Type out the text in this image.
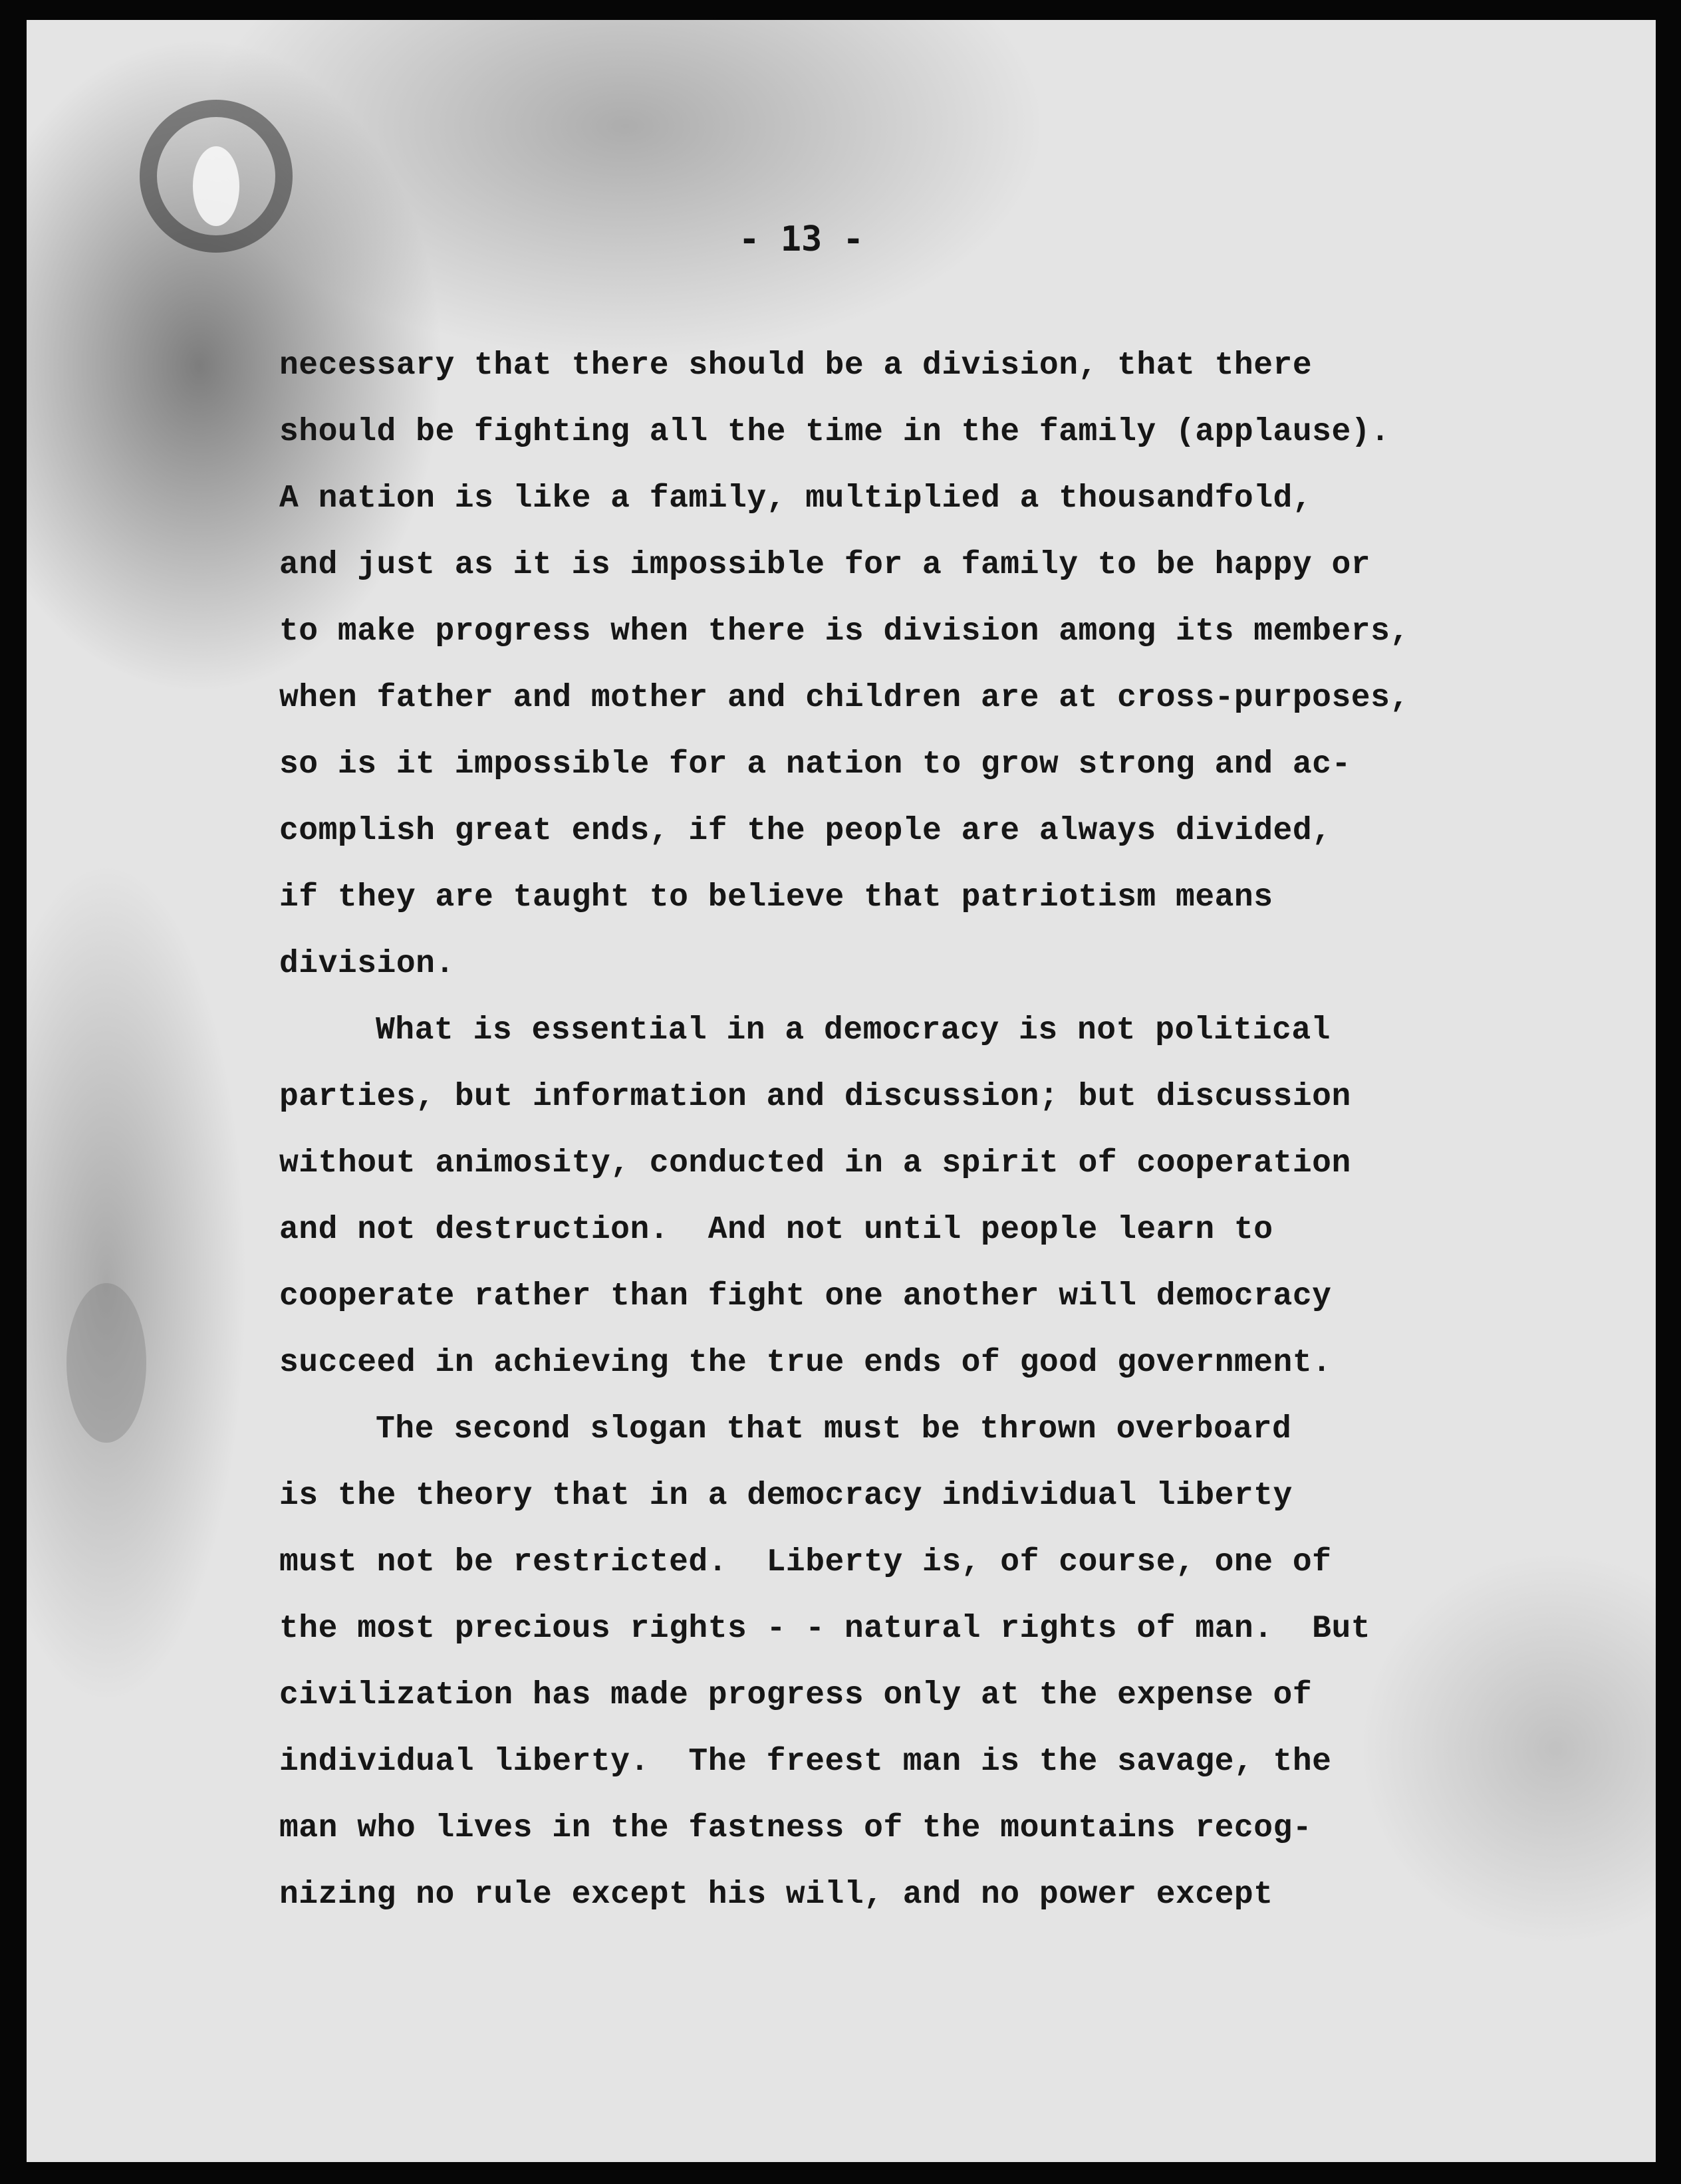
- 13 -
necessary that there should be a division, that there
should be fighting all the time in the family (applause).
A nation is like a family, multiplied a thousandfold,
and just as it is impossible for a family to be happy or
to make progress when there is division among its members,
when father and mother and children are at cross-purposes,
so is it impossible for a nation to grow strong and ac-
complish great ends, if the people are always divided,
if they are taught to believe that patriotism means
division.
What is essential in a democracy is not political
parties, but information and discussion; but discussion
without animosity, conducted in a spirit of cooperation
and not destruction.  And not until people learn to
cooperate rather than fight one another will democracy
succeed in achieving the true ends of good government.
The second slogan that must be thrown overboard
is the theory that in a democracy individual liberty
must not be restricted.  Liberty is, of course, one of
the most precious rights - - natural rights of man.  But
civilization has made progress only at the expense of
individual liberty.  The freest man is the savage, the
man who lives in the fastness of the mountains recog-
nizing no rule except his will, and no power except
